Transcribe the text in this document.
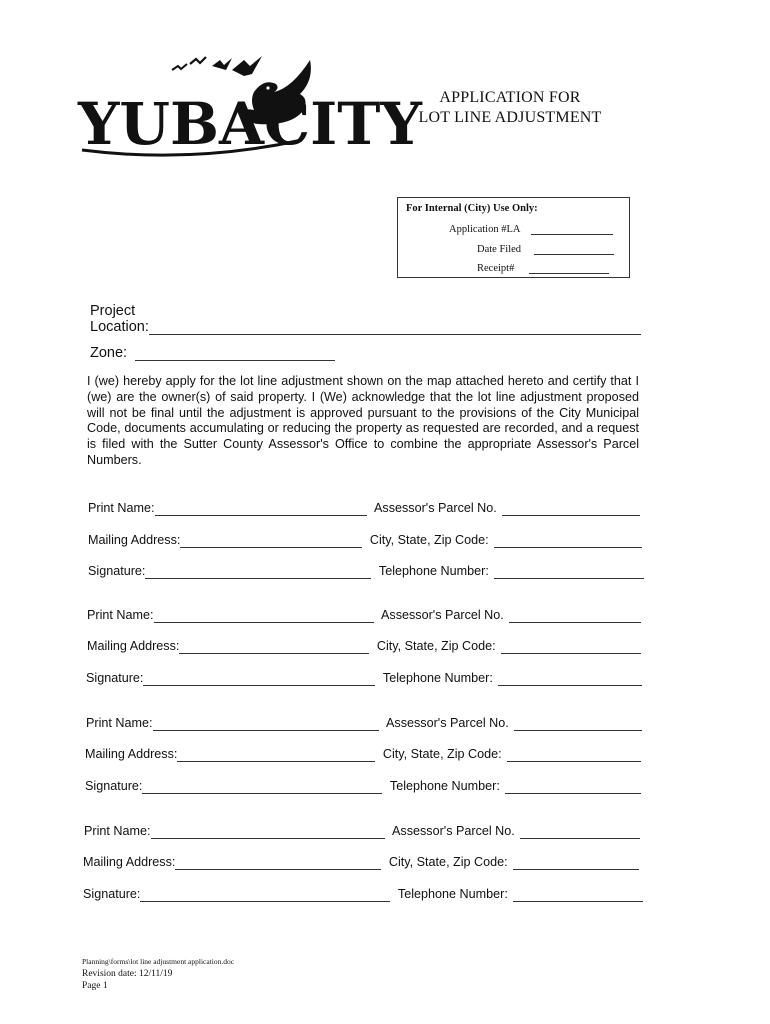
YUBACITY	APPLICATION FOR
LOT LINE ADJUSTMENT
For Internal (City) Use Only:
Application #LA
Date Filed
Receipt#
Project
Location:
Zone:
I (we) hereby apply for the lot line adjustment shown on the map attached hereto and certify that I (we) are the owner(s) of said property. I (We) acknowledge that the lot line adjustment proposed will not be final until the adjustment is approved pursuant to the provisions of the City Municipal Code, documents accumulating or reducing the property as requested are recorded, and a request is filed with the Sutter County Assessor's Office to combine the appropriate Assessor's Parcel Numbers.
Print Name:	Assessor's Parcel No.
Mailing Address:	City, State, Zip Code:
Signature:	Telephone Number:
Print Name:	Assessor's Parcel No.
Mailing Address:	City, State, Zip Code:
Signature:	Telephone Number:
Print Name:	Assessor's Parcel No.
Mailing Address:	City, State, Zip Code:
Signature:	Telephone Number:
Print Name:	Assessor's Parcel No.
Mailing Address:	City, State, Zip Code:
Signature:	Telephone Number:
Planning\forms\lot line adjustment application.doc
Revision date: 12/11/19
Page 1
